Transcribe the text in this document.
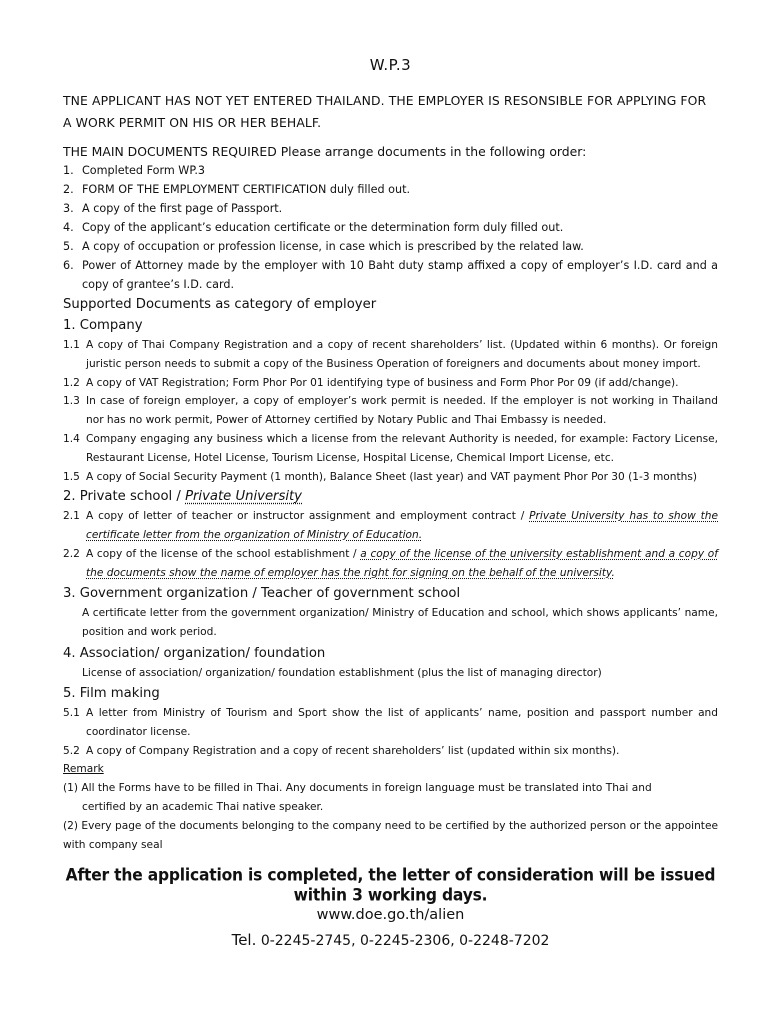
W.P.3
TNE APPLICANT HAS NOT YET ENTERED THAILAND. THE EMPLOYER IS RESONSIBLE FOR APPLYING FOR A WORK PERMIT ON HIS OR HER BEHALF.
THE MAIN DOCUMENTS REQUIRED Please arrange documents in the following order:
1. Completed Form WP.3
2. FORM OF THE EMPLOYMENT CERTIFICATION duly filled out.
3. A copy of the first page of Passport.
4. Copy of the applicant’s education certificate or the determination form duly filled out.
5. A copy of occupation or profession license, in case which is prescribed by the related law.
6. Power of Attorney made by the employer with 10 Baht duty stamp affixed a copy of employer’s I.D. card and a copy of grantee’s I.D. card.
Supported Documents as category of employer
1. Company
1.1 A copy of Thai Company Registration and a copy of recent shareholders’ list. (Updated within 6 months). Or foreign juristic person needs to submit a copy of the Business Operation of foreigners and documents about money import.
1.2 A copy of VAT Registration; Form Phor Por 01 identifying type of business and Form Phor Por 09 (if add/change).
1.3 In case of foreign employer, a copy of employer’s work permit is needed. If the employer is not working in Thailand nor has no work permit, Power of Attorney certified by Notary Public and Thai Embassy is needed.
1.4 Company engaging any business which a license from the relevant Authority is needed, for example: Factory License, Restaurant License, Hotel License, Tourism License, Hospital License, Chemical Import License, etc.
1.5 A copy of Social Security Payment (1 month), Balance Sheet (last year) and VAT payment Phor Por 30 (1-3 months)
2. Private school / Private University
2.1 A copy of letter of teacher or instructor assignment and employment contract / Private University has to show the certificate letter from the organization of Ministry of Education.
2.2 A copy of the license of the school establishment / a copy of the license of the university establishment and a copy of the documents show the name of employer has the right for signing on the behalf of the university.
3. Government organization / Teacher of government school
A certificate letter from the government organization/ Ministry of Education and school, which shows applicants’ name, position and work period.
4. Association/ organization/ foundation
License of association/ organization/ foundation establishment (plus the list of managing director)
5. Film making
5.1 A letter from Ministry of Tourism and Sport show the list of applicants’ name, position and passport number and coordinator license.
5.2 A copy of Company Registration and a copy of recent shareholders’ list (updated within six months).
Remark
(1) All the Forms have to be filled in Thai. Any documents in foreign language must be translated into Thai and
certified by an academic Thai native speaker.
(2) Every page of the documents belonging to the company need to be certified by the authorized person or the appointee with company seal
After the application is completed, the letter of consideration will be issued within 3 working days.
www.doe.go.th/alien
Tel. 0-2245-2745, 0-2245-2306, 0-2248-7202
